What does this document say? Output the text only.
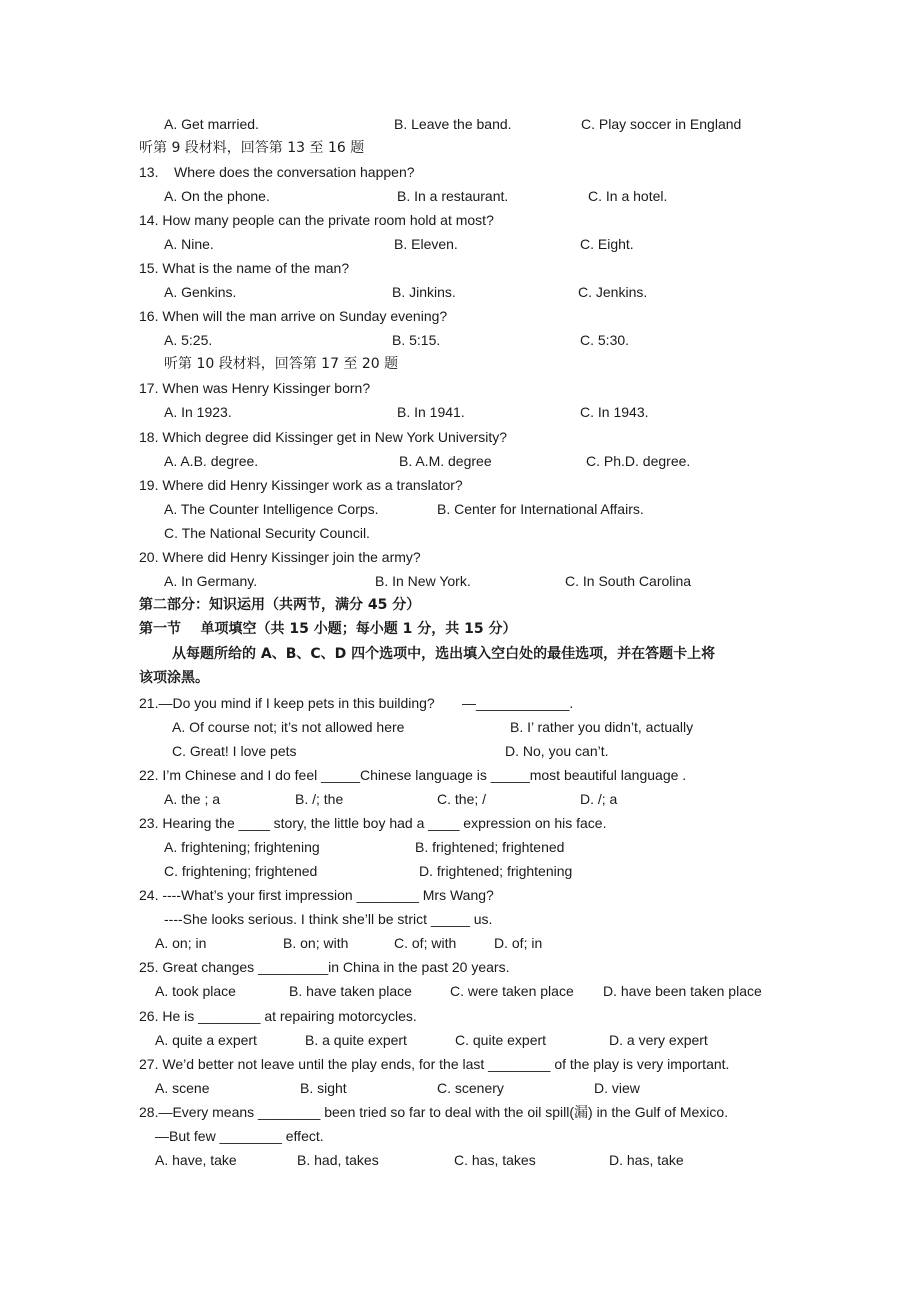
A. Get married.	B. Leave the band.	C. Play soccer in England
听第 9 段材料，回答第 13 至 16 题
13.    Where does the conversation happen?
A. On the phone.	B. In a restaurant.	C. In a hotel.
14. How many people can the private room hold at most?
A. Nine.	B. Eleven.	C. Eight.
15. What is the name of the man?
A. Genkins.	B. Jinkins.	C. Jenkins.
16. When will the man arrive on Sunday evening?
A. 5:25.	B. 5:15.	C. 5:30.
听第 10 段材料，回答第 17 至 20 题
17. When was Henry Kissinger born?
A. In 1923.	B. In 1941.	C. In 1943.
18. Which degree did Kissinger get in New York University?
A. A.B. degree.	B. A.M. degree	C. Ph.D. degree.
19. Where did Henry Kissinger work as a translator?
A. The Counter Intelligence Corps.	B. Center for International Affairs.
C. The National Security Council.
20. Where did Henry Kissinger join the army?
A. In Germany.	B. In New York.	C. In South Carolina
第二部分：知识运用（共两节，满分 45 分）
第一节    单项填空（共 15 小题；每小题 1 分，共 15 分）
从每题所给的 A、B、C、D 四个选项中，选出填入空白处的最佳选项，并在答题卡上将
该项涂黑。
21.—Do you mind if I keep pets in this building?       —____________.
A. Of course not; it’s not allowed here	B. I’ rather you didn’t, actually
C. Great! I love pets	D. No, you can’t.
22. I’m Chinese and I do feel _____Chinese language is _____most beautiful language .
A. the ; a	B. /; the	C. the; /	D. /; a
23. Hearing the ____ story, the little boy had a ____ expression on his face.
A. frightening; frightening	B. frightened; frightened
C. frightening; frightened	D. frightened; frightening
24. ----What’s your first impression ________ Mrs Wang?
----She looks serious. I think she’ll be strict _____ us.
A. on; in	B. on; with	C. of; with	D. of; in
25. Great changes _________in China in the past 20 years.
A. took place	B. have taken place	C. were taken place D. have been taken place
26. He is ________ at repairing motorcycles.
A. quite a expert	B. a quite expert	C. quite expert	D. a very expert
27. We’d better not leave until the play ends, for the last ________ of the play is very important.
A. scene	B. sight	C. scenery	D. view
28.—Every means ________ been tried so far to deal with the oil spill(漏) in the Gulf of Mexico.
—But few ________ effect.
A. have, take	B. had, takes	C. has, takes	D. has, take
